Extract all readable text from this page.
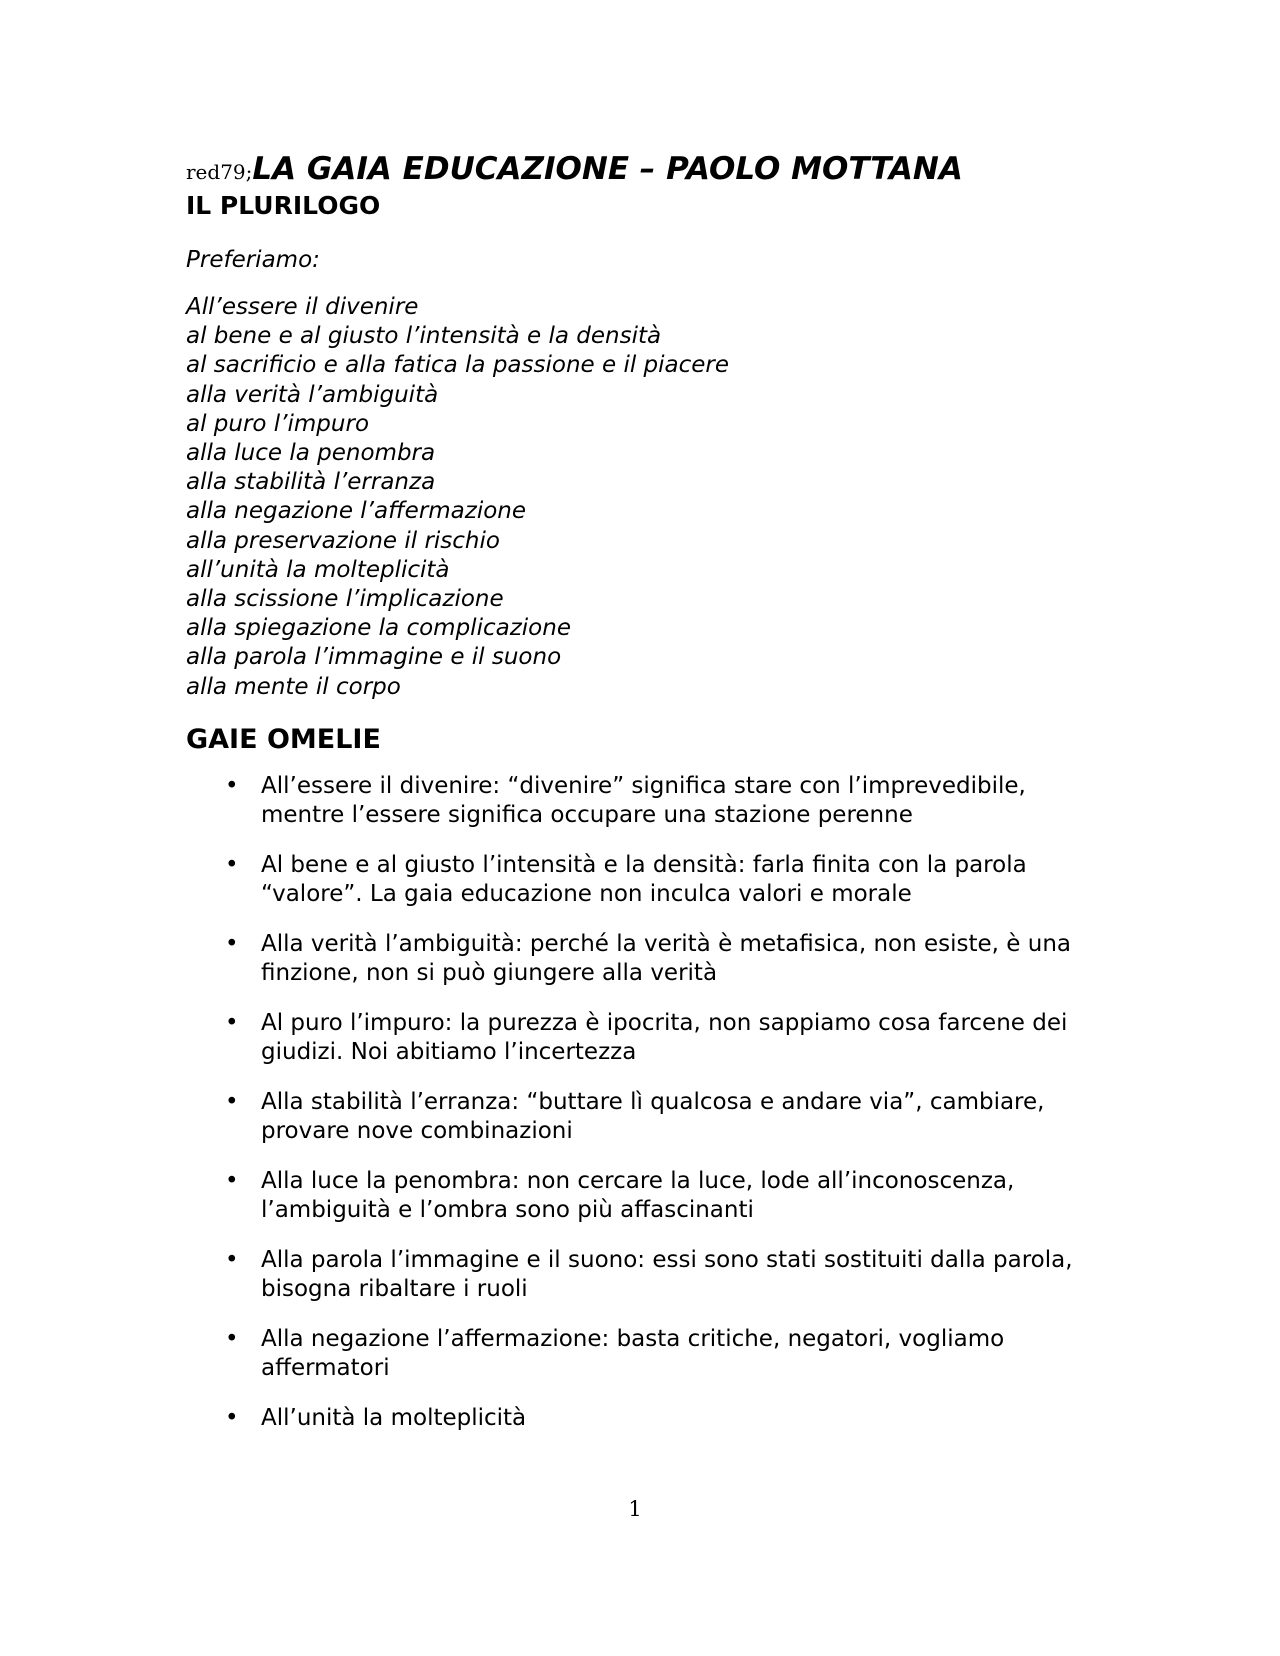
red79;LA GAIA EDUCAZIONE – PAOLO MOTTANA
IL PLURILOGO

Preferiamo:

All’essere il divenire
al bene e al giusto l’intensità e la densità
al sacrificio e alla fatica la passione e il piacere
alla verità l’ambiguità
al puro l’impuro
alla luce la penombra
alla stabilità l’erranza
alla negazione l’affermazione
alla preservazione il rischio
all’unità la molteplicità
alla scissione l’implicazione
alla spiegazione la complicazione
alla parola l’immagine e il suono
alla mente il corpo
GAIE OMELIE
• All’essere il divenire: “divenire” significa stare con l’imprevedibile, mentre l’essere significa occupare una stazione perenne
• Al bene e al giusto l’intensità e la densità: farla finita con la parola “valore”. La gaia educazione non inculca valori e morale
• Alla verità l’ambiguità: perché la verità è metafisica, non esiste, è una finzione, non si può giungere alla verità
• Al puro l’impuro: la purezza è ipocrita, non sappiamo cosa farcene dei giudizi. Noi abitiamo l’incertezza
• Alla stabilità l’erranza: “buttare lì qualcosa e andare via”, cambiare, provare nove combinazioni
• Alla luce la penombra: non cercare la luce, lode all’inconoscenza, l’ambiguità e l’ombra sono più affascinanti
• Alla parola l’immagine e il suono: essi sono stati sostituiti dalla parola, bisogna ribaltare i ruoli
• Alla negazione l’affermazione: basta critiche, negatori, vogliamo affermatori
• All’unità la molteplicità
1
